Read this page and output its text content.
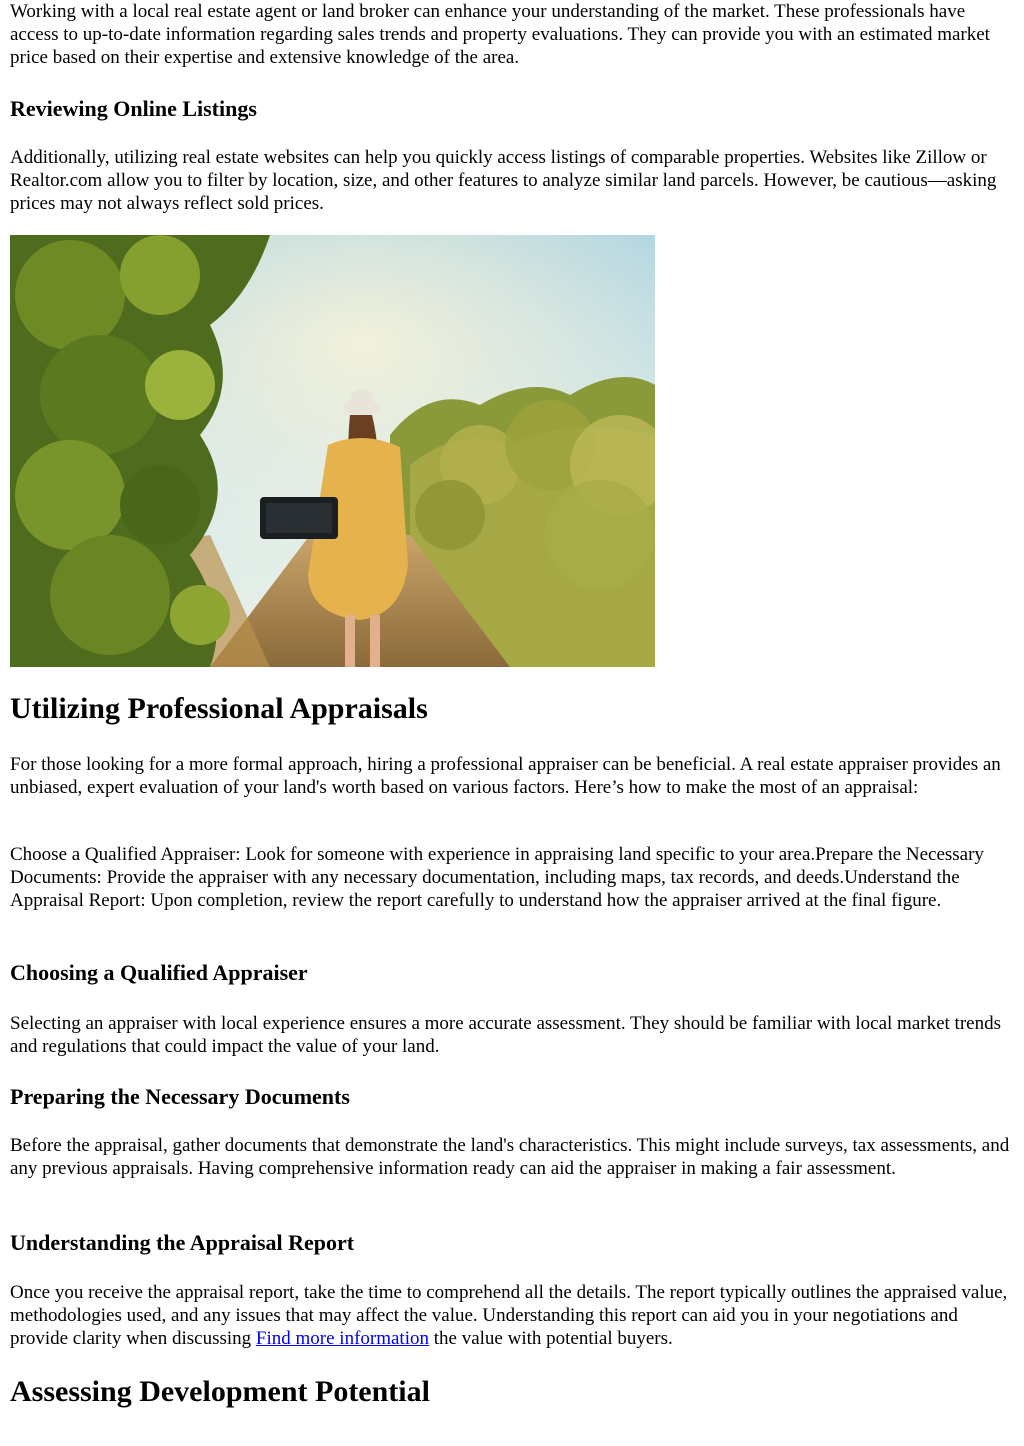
Working with a local real estate agent or land broker can enhance your understanding of the market. These professionals have access to up-to-date information regarding sales trends and property evaluations. They can provide you with an estimated market price based on their expertise and extensive knowledge of the area.

Reviewing Online Listings

Additionally, utilizing real estate websites can help you quickly access listings of comparable properties. Websites like Zillow or Realtor.com allow you to filter by location, size, and other features to analyze similar land parcels. However, be cautious—asking prices may not always reflect sold prices.

Utilizing Professional Appraisals

For those looking for a more formal approach, hiring a professional appraiser can be beneficial. A real estate appraiser provides an unbiased, expert evaluation of your land's worth based on various factors. Here’s how to make the most of an appraisal:

Choose a Qualified Appraiser: Look for someone with experience in appraising land specific to your area.Prepare the Necessary Documents: Provide the appraiser with any necessary documentation, including maps, tax records, and deeds.Understand the Appraisal Report: Upon completion, review the report carefully to understand how the appraiser arrived at the final figure.

Choosing a Qualified Appraiser

Selecting an appraiser with local experience ensures a more accurate assessment. They should be familiar with local market trends and regulations that could impact the value of your land.

Preparing the Necessary Documents

Before the appraisal, gather documents that demonstrate the land's characteristics. This might include surveys, tax assessments, and any previous appraisals. Having comprehensive information ready can aid the appraiser in making a fair assessment.

Understanding the Appraisal Report

Once you receive the appraisal report, take the time to comprehend all the details. The report typically outlines the appraised value, methodologies used, and any issues that may affect the value. Understanding this report can aid you in your negotiations and provide clarity when discussing Find more information the value with potential buyers.

Assessing Development Potential
